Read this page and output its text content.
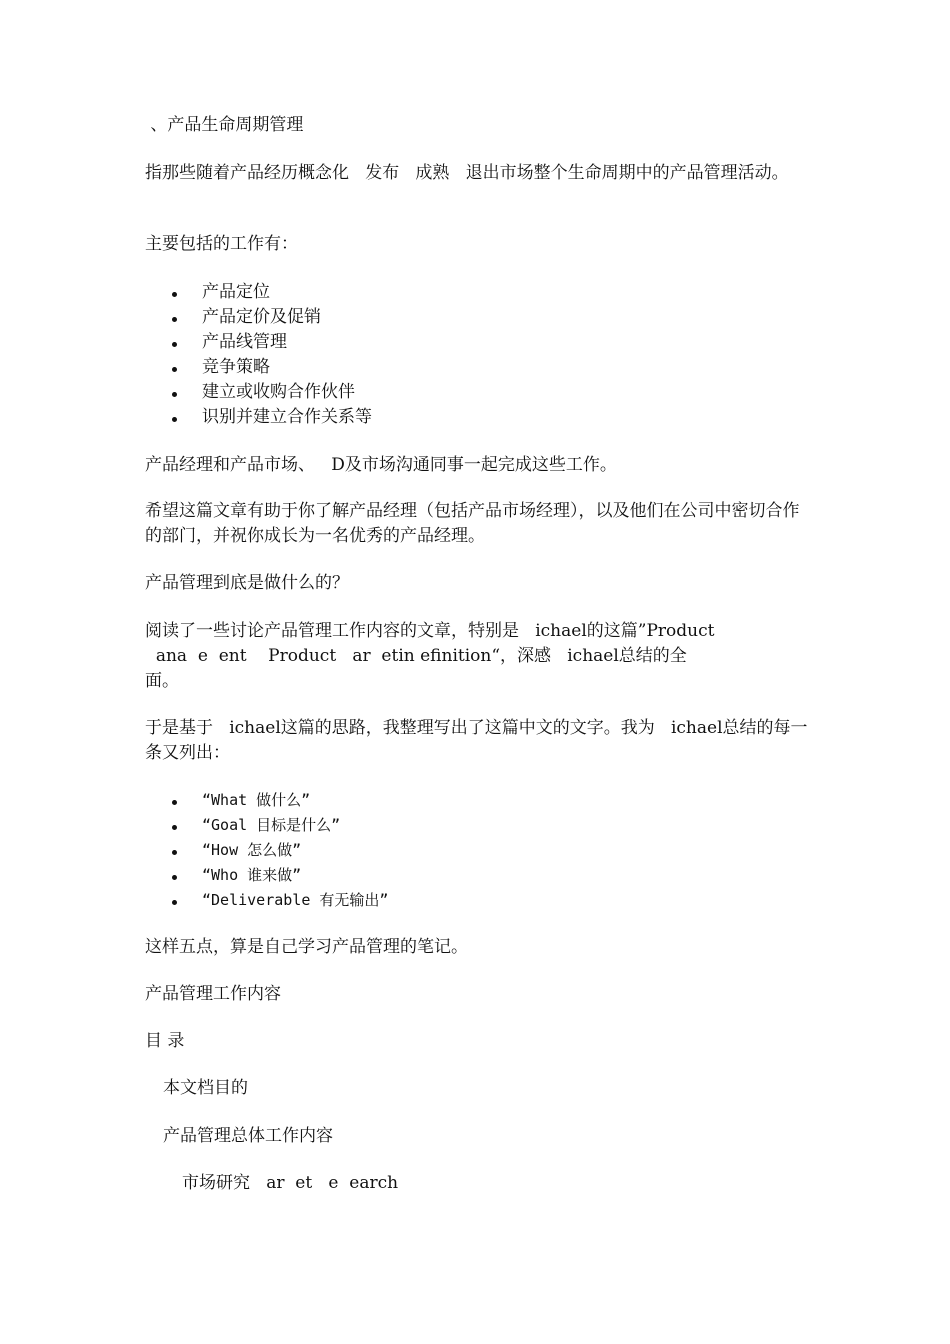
、产品生命周期管理

指那些随着产品经历概念化   发布   成熟   退出市场整个生命周期中的产品管理活动。

主要包括的工作有：

产品定位
产品定价及促销
产品线管理
竞争策略
建立或收购合作伙伴
识别并建立合作关系等

产品经理和产品市场、   D及市场沟通同事一起完成这些工作。

希望这篇文章有助于你了解产品经理（包括产品市场经理），以及他们在公司中密切合作的部门，并祝你成长为一名优秀的产品经理。

产品管理到底是做什么的？

阅读了一些讨论产品管理工作内容的文章，特别是   ichael的这篇”Product

ana  e  ent    Product   ar  etin efinition“，深感   ichael总结的全

面。

于是基于   ichael这篇的思路，我整理写出了这篇中文的文字。我为   ichael总结的每一条又列出：

“What 做什么”
“Goal 目标是什么”
“How 怎么做”
“Who 谁来做”
“Deliverable 有无输出”

这样五点，算是自己学习产品管理的笔记。

产品管理工作内容

目 录

本文档目的

产品管理总体工作内容

市场研究   ar  et   e  earch
